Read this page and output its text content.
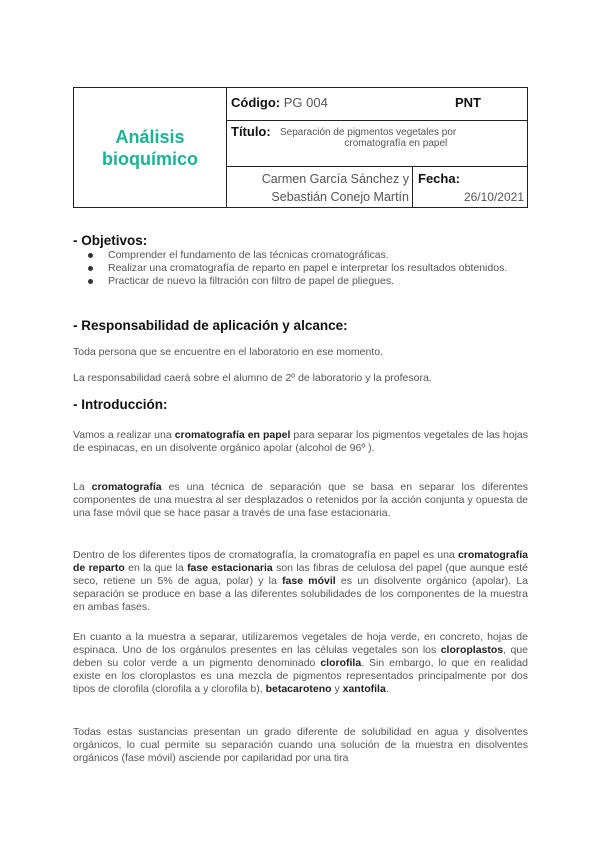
Análisis
bioquímico
Código: PG 004	PNT
Título: Separación de pigmentos vegetales por
cromatografía en papel
Carmen García Sánchez y
Sebastián Conejo Martín
Fecha:
26/10/2021
- Objetivos:
Comprender el fundamento de las técnicas cromatográficas.
Realizar una cromatografía de reparto en papel e interpretar los resultados obtenidos.
Practicar de nuevo la filtración con filtro de papel de pliegues.
- Responsabilidad de aplicación y alcance:

Toda persona que se encuentre en el laboratorio en ese momento.

La responsabilidad caerá sobre el alumno de 2º de laboratorio y la profesora.

- Introducción:

Vamos a realizar una cromatografía en papel para separar los pigmentos vegetales de las hojas de espinacas, en un disolvente orgánico apolar (alcohol de 96º ).

La cromatografía es una técnica de separación que se basa en separar los diferentes componentes de una muestra al ser desplazados o retenidos por la acción conjunta y opuesta de una fase móvil que se hace pasar a través de una fase estacionaria.

Dentro de los diferentes tipos de cromatografía, la cromatografía en papel es una cromatografía de reparto en la que la fase estacionaria son las fibras de celulosa del papel (que aunque esté seco, retiene un 5% de agua, polar) y la fase móvil es un disolvente orgánico (apolar). La separación se produce en base a las diferentes solubilidades de los componentes de la muestra en ambas fases.

En cuanto a la muestra a separar, utilizaremos vegetales de hoja verde, en concreto, hojas de espinaca. Uno de los orgánulos presentes en las células vegetales son los cloroplastos, que deben su color verde a un pigmento denominado clorofila. Sin embargo, lo que en realidad existe en los cloroplastos es una mezcla de pigmentos representados principalmente por dos tipos de clorofila (clorofila a y clorofila b), betacaroteno y xantofila.

Todas estas sustancias presentan un grado diferente de solubilidad en agua y disolventes orgánicos, lo cual permite su separación cuando una solución de la muestra en disolventes orgánicos (fase móvil) asciende por capilaridad por una tira
